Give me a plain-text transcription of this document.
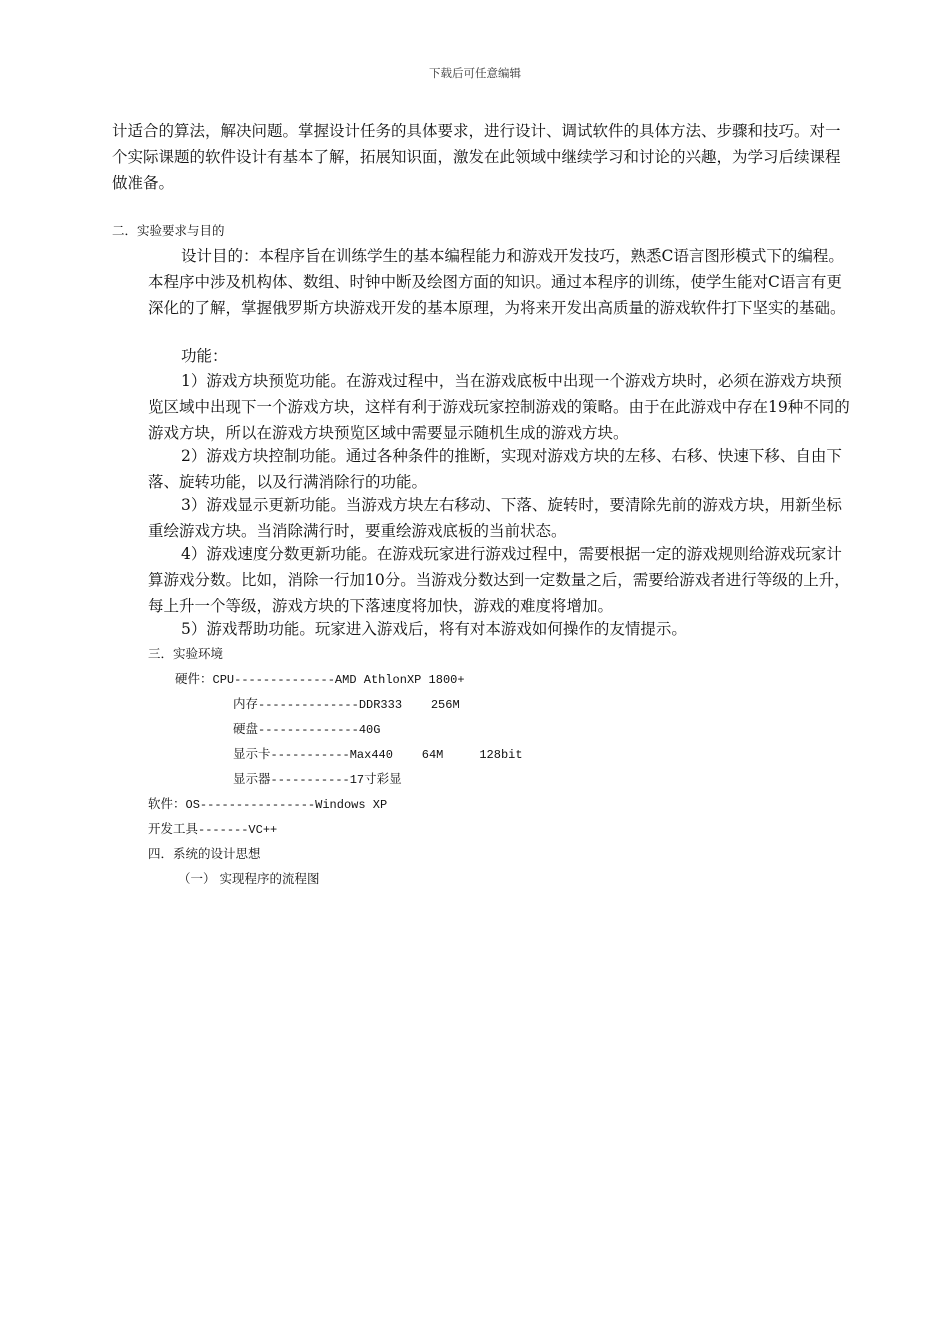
下载后可任意编辑

计适合的算法，解决问题。掌握设计任务的具体要求，进行设计、调试软件的具体方法、步骤和技巧。对一个实际课题的软件设计有基本了解，拓展知识面，激发在此领域中继续学习和讨论的兴趣，为学习后续课程做准备。

二．实验要求与目的

设计目的：本程序旨在训练学生的基本编程能力和游戏开发技巧，熟悉C语言图形模式下的编程。本程序中涉及机构体、数组、时钟中断及绘图方面的知识。通过本程序的训练，使学生能对C语言有更深化的了解，掌握俄罗斯方块游戏开发的基本原理，为将来开发出高质量的游戏软件打下坚实的基础。

功能：

1）游戏方块预览功能。在游戏过程中，当在游戏底板中出现一个游戏方块时，必须在游戏方块预览区域中出现下一个游戏方块，这样有利于游戏玩家控制游戏的策略。由于在此游戏中存在19种不同的游戏方块，所以在游戏方块预览区域中需要显示随机生成的游戏方块。

2）游戏方块控制功能。通过各种条件的推断，实现对游戏方块的左移、右移、快速下移、自由下落、旋转功能，以及行满消除行的功能。

3）游戏显示更新功能。当游戏方块左右移动、下落、旋转时，要清除先前的游戏方块，用新坐标重绘游戏方块。当消除满行时，要重绘游戏底板的当前状态。

4）游戏速度分数更新功能。在游戏玩家进行游戏过程中，需要根据一定的游戏规则给游戏玩家计算游戏分数。比如，消除一行加10分。当游戏分数达到一定数量之后，需要给游戏者进行等级的上升，每上升一个等级，游戏方块的下落速度将加快，游戏的难度将增加。

5）游戏帮助功能。玩家进入游戏后，将有对本游戏如何操作的友情提示。

三．实验环境
硬件：CPU--------------AMD AthlonXP 1800+
内存--------------DDR333    256M
硬盘--------------40G
显示卡-----------Max440    64M     128bit
显示器-----------17寸彩显
软件：OS----------------Windows XP
开发工具-------VC++
四．系统的设计思想
（一） 实现程序的流程图
